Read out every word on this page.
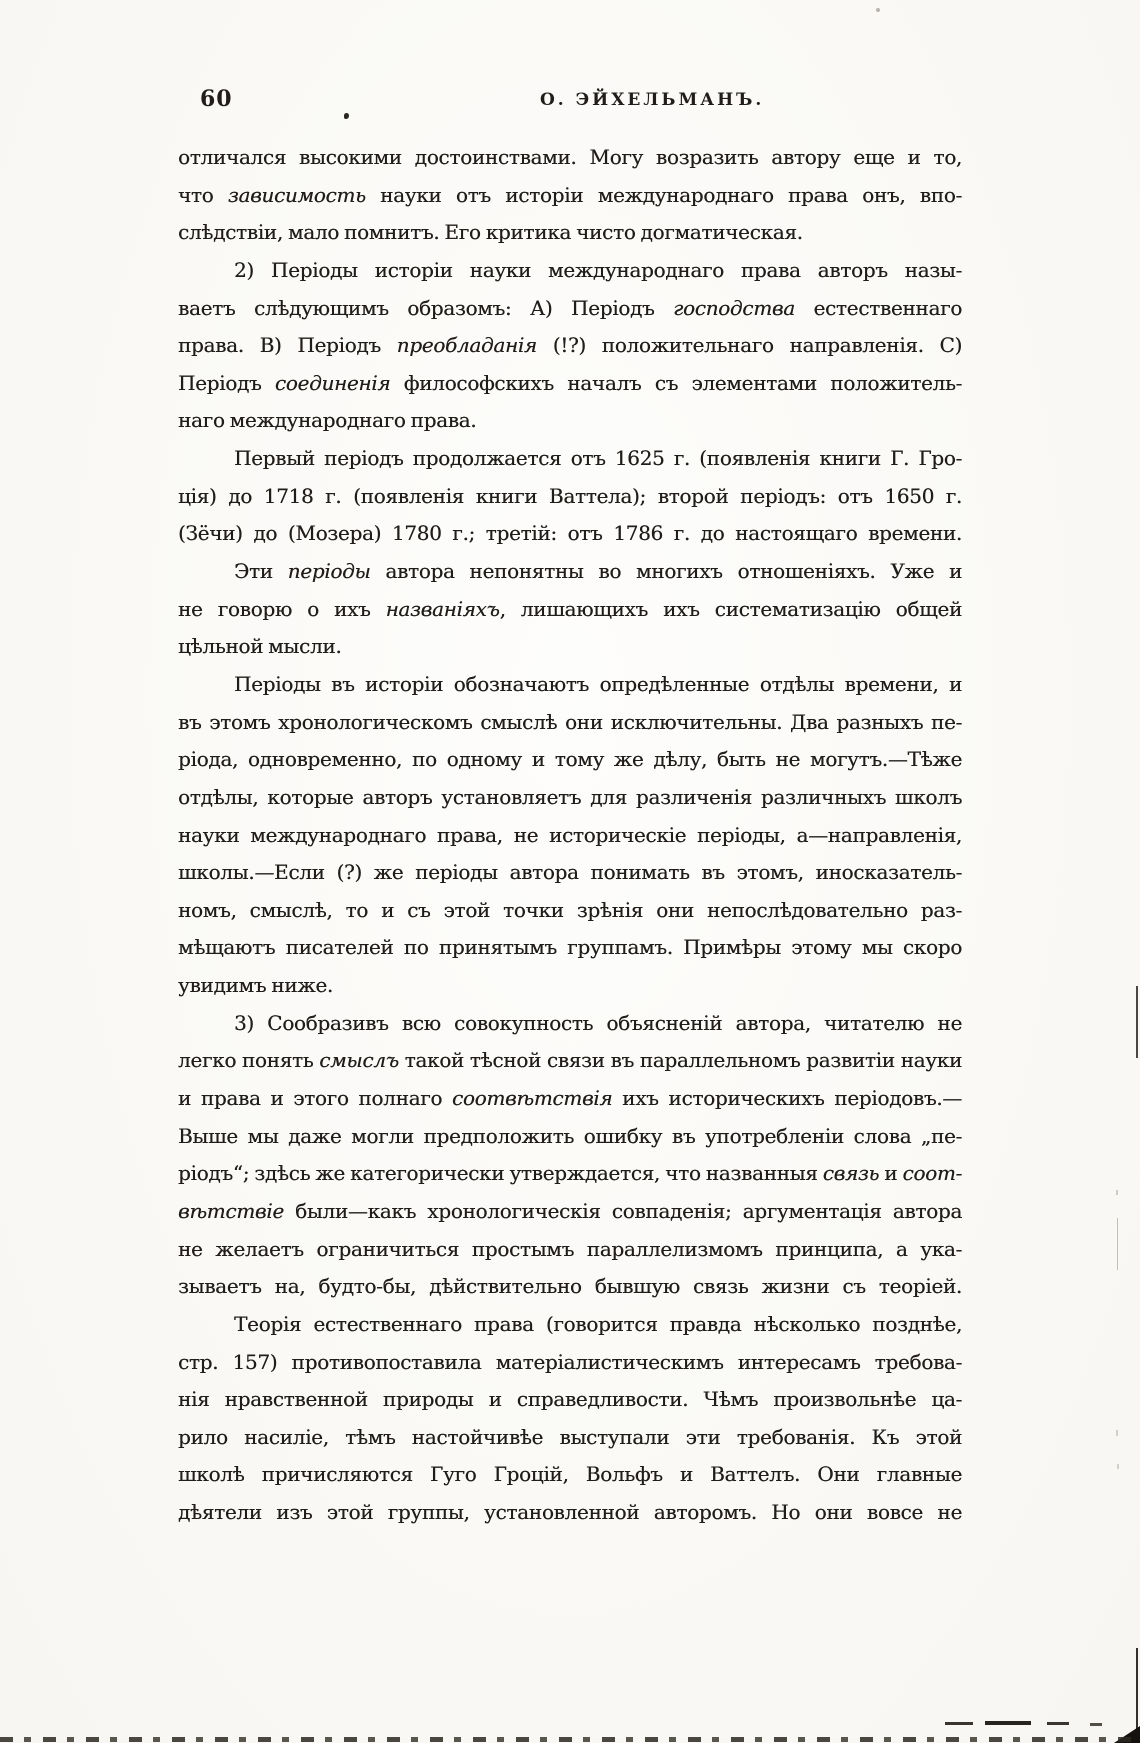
60	О. ЭЙХЕЛЬМАНЪ.
отличался высокими достоинствами. Могу возразить автору еще и то,
что зависимость науки отъ исторіи международнаго права онъ, впо-
слѣдствіи, мало помнитъ. Его критика чисто догматическая.
2) Періоды исторіи науки международнаго права авторъ назы-
ваетъ слѣдующимъ образомъ: А) Періодъ господства естественнаго
права. В) Періодъ преобладанія (!?) положительнаго направленія. С)
Періодъ соединенія философскихъ началъ съ элементами положитель-
наго международнаго права.
Первый періодъ продолжается отъ 1625 г. (появленія книги Г. Гро-
ція) до 1718 г. (появленія книги Ваттела); второй періодъ: отъ 1650 г.
(Зёчи) до (Мозера) 1780 г.; третій: отъ 1786 г. до настоящаго времени.
Эти періоды автора непонятны во многихъ отношеніяхъ. Уже и
не говорю о ихъ названіяхъ, лишающихъ ихъ систематизацію общей
цѣльной мысли.
Періоды въ исторіи обозначаютъ опредѣленные отдѣлы времени, и
въ этомъ хронологическомъ смыслѣ они исключительны. Два разныхъ пе-
ріода, одновременно, по одному и тому же дѣлу, быть не могутъ.—Тѣже
отдѣлы, которые авторъ установляетъ для различенія различныхъ школъ
науки международнаго права, не историческіе періоды, а—направленія,
школы.—Если (?) же періоды автора понимать въ этомъ, иносказатель-
номъ, смыслѣ, то и съ этой точки зрѣнія они непослѣдовательно раз-
мѣщаютъ писателей по принятымъ группамъ. Примѣры этому мы скоро
увидимъ ниже.
3) Сообразивъ всю совокупность объясненій автора, читателю не
легко понять смыслъ такой тѣсной связи въ параллельномъ развитіи науки
и права и этого полнаго соотвѣтствія ихъ историческихъ періодовъ.—
Выше мы даже могли предположить ошибку въ употребленіи слова „пе-
ріодъ“; здѣсь же категорически утверждается, что названныя связь и соот-
вѣтствіе были—какъ хронологическія совпаденія; аргументація автора
не желаетъ ограничиться простымъ параллелизмомъ принципа, а ука-
зываетъ на, будто-бы, дѣйствительно бывшую связь жизни съ теоріей.
Теорія естественнаго права (говорится правда нѣсколько позднѣе,
стр. 157) противопоставила матеріалистическимъ интересамъ требова-
нія нравственной природы и справедливости. Чѣмъ произвольнѣе ца-
рило насиліе, тѣмъ настойчивѣе выступали эти требованія. Къ этой
школѣ причисляются Гуго Гроцій, Вольфъ и Ваттелъ. Они главные
дѣятели изъ этой группы, установленной авторомъ. Но они вовсе не
